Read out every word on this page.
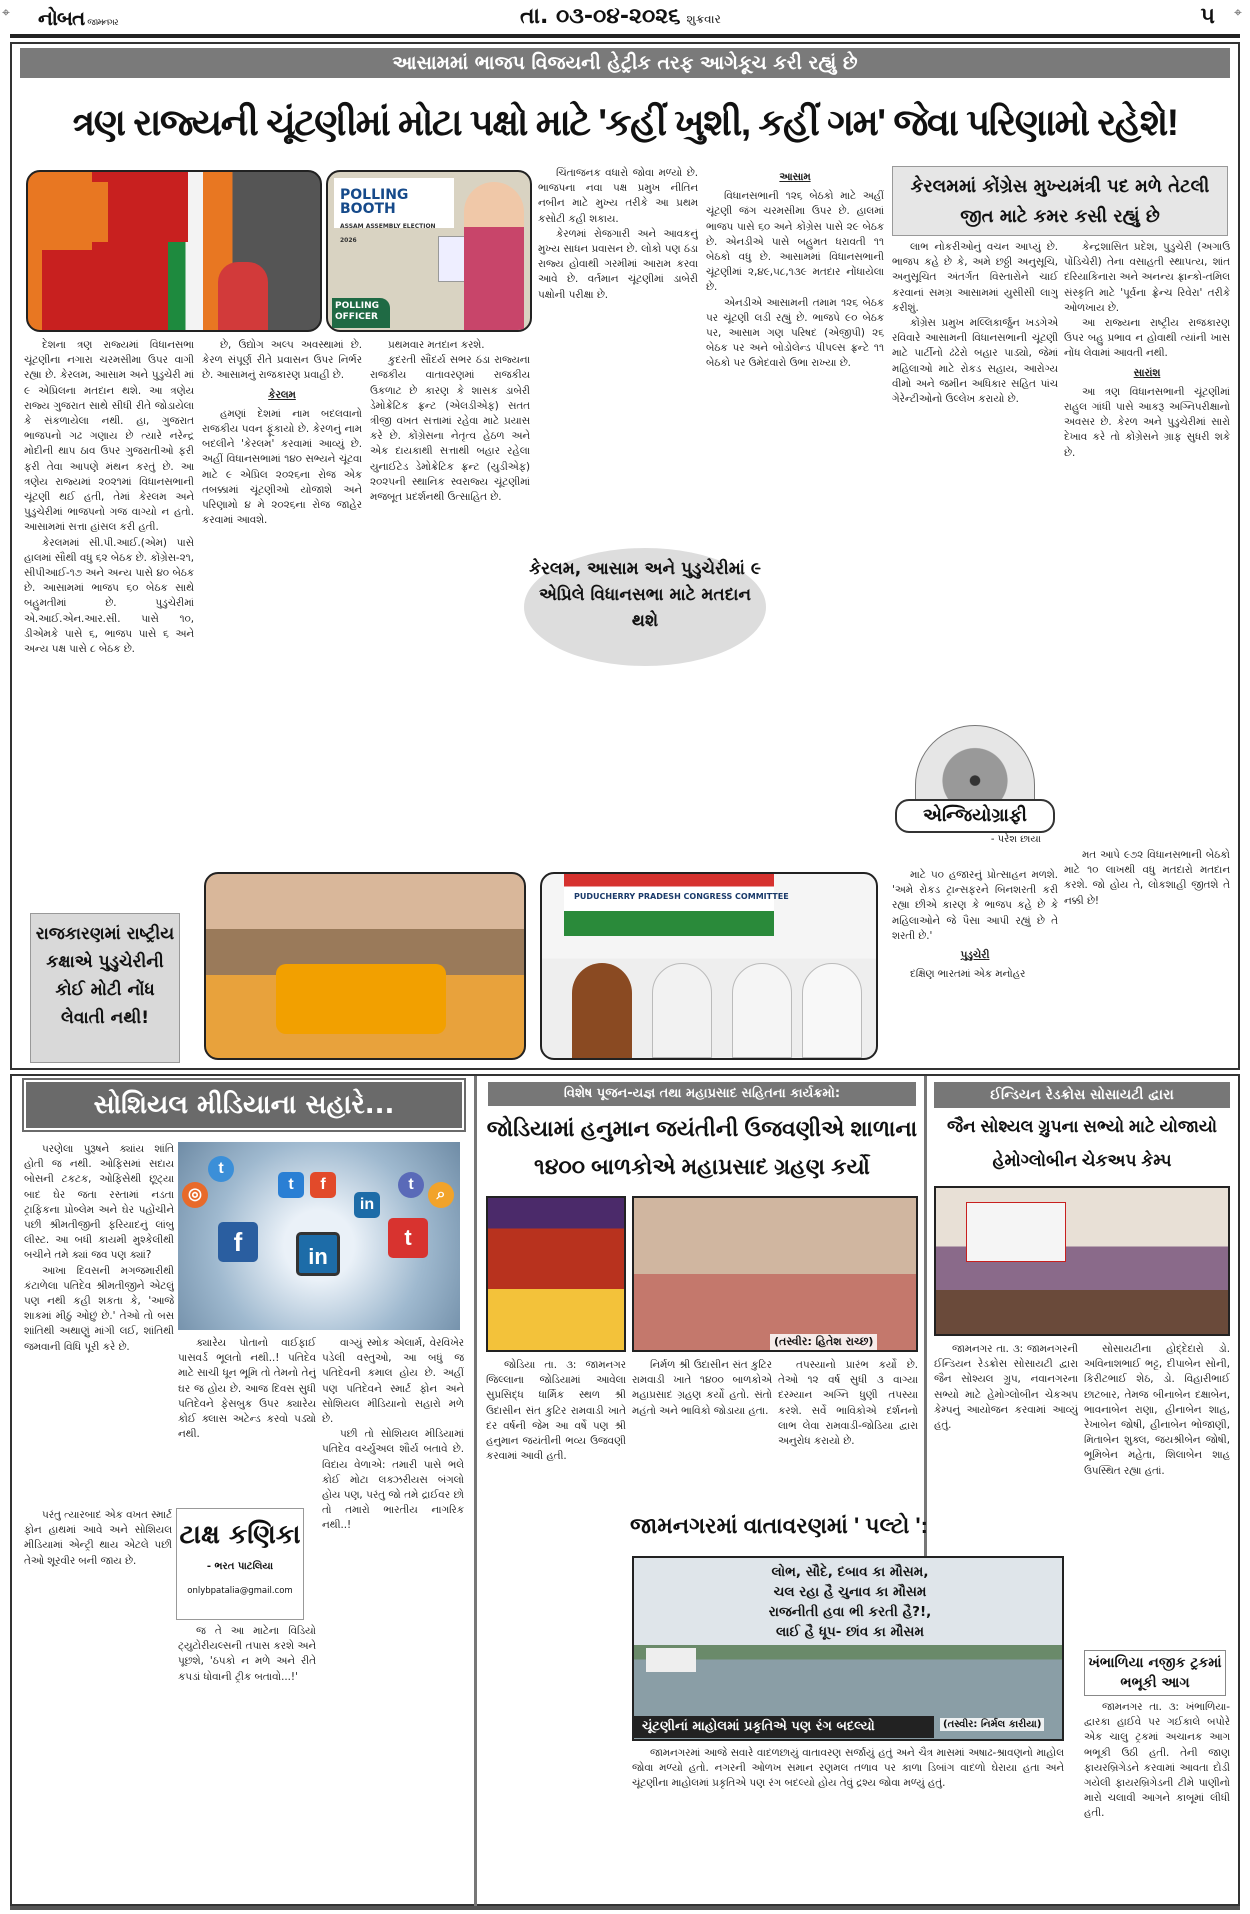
⌖	નોબત જામનગર	તા. ૦૩-૦૪-૨૦૨૬ શુક્રવાર	૫ ⌖
આસામમાં ભાજપ વિજયની હેટ્રીક તરફ આગેકૂચ કરી રહ્યું છે
ત્રણ રાજ્યની ચૂંટણીમાં મોટા પક્ષો માટે 'કહીં ખુશી, કહીં ગમ' જેવા પરિણામો રહેશે!
POLLING BOOTH
ASSAM ASSEMBLY ELECTION 2026
POLLING OFFICER
કેરલમમાં કોંગ્રેસ મુખ્યમંત્રી પદ મળે તેટલી જીત માટે કમર કસી રહ્યું છે

દેશના ત્રણ રાજ્યમાં વિધાનસભા ચૂંટણીના નગારા ચરમસીમા ઉપર વાગી રહ્યા છે. કેરલમ, આસામ અને પુડુચેરી માં ૯ એપ્રિલના મતદાન થશે. આ ત્રણેય રાજ્ય ગુજરાત સાથે સીધી રીતે જોડાયેલા કે સંકળાયેલા નથી. હા, ગુજરાત ભાજપનો ગઢ ગણાય છે ત્યારે નરેન્દ્ર મોદીની થાપ ઠાવ ઉપર ગુજરાતીઓ ફરી ફરી તેવા આપણે મંથન કરતું છે. આ ત્રણેય રાજ્યમાં ૨૦૨૧માં વિધાનસભાની ચૂંટણી થઈ હતી, તેમાં કેરલમ અને પુડુચેરીમાં ભાજપનો ગજ વાગ્યો ન હતો. આસામમાં સત્તા હાંસલ કરી હતી.

કેરલમમાં સી.પી.આઈ.(એમ) પાસે હાલમાં સૌથી વધુ ૬૨ બેઠક છે. કોંગ્રેસ-૨૧, સીપીઆઈ-૧૭ અને અન્ય પાસે ૪૦ બેઠક છે. આસામમાં ભાજપ ૬૦ બેઠક સાથે બહુમતીમાં છે. પુડુચેરીમાં એ.આઈ.એન.આર.સી. પાસે ૧૦, ડીએમકે પાસે ૬, ભાજપ પાસે ૬ અને અન્ય પક્ષ પાસે ૮ બેઠક છે.

છે, ઉદ્યોગ અલ્પ અવસ્થામાં છે. કેરળ સંપૂર્ણ રીતે પ્રવાસન ઉપર નિર્ભર છે. આસામનું રાજકારણ પ્રવાહી છે.

કેરલમ

હમણાં દેશમાં નામ બદલવાનો રાજકીય પવન ફૂંકાયો છે. કેરળનું નામ બદલીને 'કેરલમ' કરવામાં આવ્યું છે. અહીં વિધાનસભામાં ૧૪૦ સભ્યને ચૂંટવા માટે ૯ એપ્રિલ ૨૦૨૬ના રોજ એક તબક્કામાં ચૂંટણીઓ યોજાશે અને પરિણામો ૪ મે ૨૦૨૬ના રોજ જાહેર કરવામાં આવશે.

પ્રથમવાર મતદાન કરશે.

કુદરતી સૌંદર્ય સભર ઠંડા રાજ્યના રાજકીય વાતાવરણમાં રાજકીય ઉકળાટ છે કારણ કે શાસક ડાબેરી ડેમોક્રેટિક ફ્રન્ટ (એલડીએફ) સતત ત્રીજી વખત સત્તામાં રહેવા માટે પ્રયાસ કરે છે. કોંગ્રેસના નેતૃત્વ હેઠળ અને એક દાયકાથી સત્તાથી બહાર રહેલા યુનાઈટેડ ડેમોક્રેટિક ફ્રન્ટ (યુડીએફ) ૨૦૨૫ની સ્થાનિક સ્વરાજ્ય ચૂંટણીમાં મજબૂત પ્રદર્શનથી ઉત્સાહિત છે.

ચિંતાજનક વધારો જોવા મળ્યો છે. ભાજપના નવા પક્ષ પ્રમુખ નીતિન નબીન માટે મુખ્ય તરીકે આ પ્રથમ કસોટી કહી શકાય.

કેરળમાં રોજગારી અને આવકનું મુખ્ય સાધન પ્રવાસન છે. લોકો પણ ઠંડા રાજ્ય હોવાથી ગરમીમાં આરામ કરવા આવે છે. વર્તમાન ચૂંટણીમાં ડાબેરી પક્ષોની પરીક્ષા છે.

આસામ

વિધાનસભાની ૧૨૬ બેઠકો માટે અહીં ચૂંટણી જંગ ચરમસીમા ઉપર છે. હાલમાં ભાજપ પાસે ૬૦ અને કોંગ્રેસ પાસે ૨૯ બેઠક છે. એનડીએ પાસે બહુમત ધરાવતી ૧૧ બેઠકો વધુ છે. આસામમાં વિધાનસભાની ચૂંટણીમાં ૨,૪૯,૫૮,૧૩૯ મતદાર નોંધાયેલા છે.

એનડીએ આસામની તમામ ૧૨૬ બેઠક પર ચૂંટણી લડી રહ્યું છે. ભાજપે ૯૦ બેઠક પર, આસામ ગણ પરિષદ (એજીપી) ૨૬ બેઠક પર અને બોડોલેન્ડ પીપલ્સ ફ્રન્ટે ૧૧ બેઠકો પર ઉમેદવારો ઉભા રાખ્યા છે.

લાભ નોકરીઓનું વચન આપ્યું છે. ભાજપ કહે છે કે, અમે છઠ્ઠી અનુસૂચિ, અનુસૂચિત અંતર્ગત વિસ્તારોને ચાઈ કરવાનાં સમગ્ર આસામમાં યુસીસી લાગુ કરીશું.

કોંગ્રેસ પ્રમુખ મલ્લિકાર્જુન ખડગેએ રવિવારે આસામની વિધાનસભાની ચૂંટણી માટે પાર્ટીનો ઢંઢેરો બહાર પાડ્યો, જેમાં મહિલાઓ માટે રોકડ સહાય, આરોગ્ય વીમો અને જમીન અધિકાર સહિત પાંચ ગેરેન્ટીઓનો ઉલ્લેખ કરાયો છે.

કેન્દ્રશાસિત પ્રદેશ, પુડુચેરી (અગાઉ પોંડિચેરી) તેના વસાહતી સ્થાપત્ય, શાંત દરિયાકિનારા અને અનન્ય ફ્રાન્કો-તમિલ સંસ્કૃતિ માટે 'પૂર્વના ફ્રેન્ચ રિવેરા' તરીકે ઓળખાય છે.

આ રાજ્યના રાષ્ટ્રીય રાજકારણ ઉપર બહુ પ્રભાવ ન હોવાથી ત્યાંની ખાસ નોંધ લેવામાં આવતી નથી.

સારાંશ

આ ત્રણ વિધાનસભાની ચૂંટણીમાં રાહુલ ગાંધી પાસે આકરૂ અગ્નિપરીક્ષાનો અવસર છે. કેરળ અને પુડુચેરીમાં સારો દેખાવ કરે તો કોંગ્રેસને ગ્રાફ સુધરી શકે છે.

માટે ૫૦ હજારનું પ્રોત્સાહન મળશે. 'અમે રોકડ ટ્રાન્સફરને બિનશરતી કરી રહ્યા છીએ કારણ કે ભાજપ કહે છે કે મહિલાઓને જે પૈસા આપી રહ્યું છે તે શરતી છે.'

પુડુચેરી

દક્ષિણ ભારતમાં એક મનોહર

મત આપે ૯૭૨ વિધાનસભાની બેઠકો માટે ૧૦ લાખથી વધુ મતદારો મતદાન કરશે. જો હોય તે, લોકશાહી જીતશે તે નક્કી છે!

કેરલમ, આસામ અને પુડુચેરીમાં ૯ એપ્રિલે વિધાનસભા માટે મતદાન થશે
રાજકારણમાં રાષ્ટ્રીય કક્ષાએ પુડુચેરીની કોઈ મોટી નોંધ લેવાતી નથી!
PUDUCHERRY PRADESH CONGRESS COMMITTEE
એન્જિયોગ્રાફી
- પરેશ છાયા
સોશિયલ મીડિયાના સહારે...
t
t	f	t
in
f	in
t
◎	⌕

પરણેલા પુરૂષને ક્યાંય શાંતિ હોતી જ નથી. ઓફિસમાં સદાય બોસની ટકટક, ઓફિસેથી છૂટ્યા બાદ ઘેર જતા રસ્તામાં નડતા ટ્રાફિકના પ્રોબ્લેમ અને ઘેર પહોંચીને પછી શ્રીમતીજીની ફરિયાદનું લાંબુ લીસ્ટ. આ બધી કાયમી મુશ્કેલીથી બચીને તમે ક્યાં જવ પણ ક્યાં?

આખા દિવસની મગજમારીથી કંટાળેલા પતિદેવ શ્રીમતીજીને એટલું પણ નથી કહી શકતા કે, 'આજે શાકમાં મીઠું ઓછું છે.' તેઓ તો બસ શાંતિથી અથાણું માંગી લઈ, શાંતિથી જમવાની વિધિ પૂરી કરે છે.

પરંતુ ત્યારબાદ એક વખત સ્માર્ટ ફોન હાથમાં આવે અને સોશિયલ મીડિયામાં એન્ટ્રી થાય એટલે પછી તેઓ શૂરવીર બની જાય છે.

ક્યારેય પોતાનો વાઈફાઈ પાસવર્ડ ભૂલતો નથી..! પતિદેવ માટે સાચી ધૂન ભૂમિ તો તેમનો તેનું ઘર જ હોય છે. આજ દિવસ સુધી પતિદેવને ફેસબુક ઉપર ક્યારેય કોઈ ક્લાસ અટેન્ડ કરવો પડ્યો નથી.

જ તે આ માટેના વિડિયો ટ્યુટોરીયલ્સની તપાસ કરશે અને પૂછશે, 'ઠપકો ન મળે અને રીતે કપડાં ધોવાની ટ્રીક બતાવો...!'

વાગ્યું સ્મોક એલાર્મ, વેરવિખેર પડેલી વસ્તુઓ, આ બધું જ પતિદેવની કમાલ હોય છે. અહીં પણ પતિદેવને સ્માર્ટ ફોન અને સોશિયલ મીડિયાનો સહારો મળે છે.

પછી તો સોશિયલ મીડિયામાં પતિદેવ વર્ચ્યુઅલ શૌર્ય બતાવે છે. વિદાય વેળાએ: તમારી પાસે ભલે કોઈ મોટા લક્ઝરીયસ બંગલો હોય પણ, પરંતુ જો તમે દ્રાઈવર છો તો તમારો ભારતીય નાગરિક નથી..!

ટાક્ષ કણિકા
- ભરત પાટલિયા
onlybpatalia@gmail.com
વિશેષ પૂજન-યજ્ઞ તથા મહાપ્રસાદ સહિતના કાર્યક્રમો:
જોડિયામાં હનુમાન જયંતીની ઉજવણીએ શાળાના ૧૪૦૦ બાળકોએ મહાપ્રસાદ ગ્રહણ કર્યો
(તસ્વીર: હિતેશ રાચ્છ)

જોડિયા તા. ૩: જામનગર જિલ્લાના જોડિયામાં આવેલા સુપ્રસિદ્ધ ધાર્મિક સ્થળ શ્રી ઉદાસીન સંત કુટિર રામવાડી ખાતે દર વર્ષની જેમ આ વર્ષે પણ શ્રી હનુમાન જયંતીની ભવ્ય ઉજવણી કરવામાં આવી હતી.

નિર્મળ શ્રી ઉદાસીન સંત કુટિર રામવાડી ખાતે ૧૪૦૦ બાળકોએ મહાપ્રસાદ ગ્રહણ કર્યો હતો. સંતો મહંતો અને ભાવિકો જોડાયા હતા.

તપસ્યાનો પ્રારંભ કર્યો છે. તેઓ ૧૨ વર્ષ સુધી ૩ વાગ્યા દરમ્યાન અગ્નિ ધુણી તપસ્યા કરશે. સર્વે ભાવિકોએ દર્શનનો લાભ લેવા રામવાડી-જોડિયા દ્વારા અનુરોધ કરાયો છે.

જામનગરમાં વાતાવરણમાં ' પલ્ટો ':
લોભ, સૌદે, દબાવ કા મૌસમ,
ચલ રહા હૈ ચુનાવ કા મૌસમ
રાજનીતી હવા ભી કરતી હૈ?!,
લાઈ હૈ ધૂપ- છાંવ કા મૌસમ
ચૂંટણીનાં માહોલમાં પ્રકૃતિએ પણ રંગ બદલ્યો	(તસ્વીર: નિર્મલ કારીયા)

જામનગરમાં આજે સવારે વાદળછાયું વાતાવરણ સર્જાયું હતું અને ચૈત્ર માસમાં અષાઢ-શ્રાવણનો માહોલ જોવા મળ્યો હતો. નગરની ઓળખ સમાન રણમલ તળાવ પર કાળા ડિબાંગ વાદળો ઘેરાયા હતા અને ચૂંટણીના માહોલમાં પ્રકૃતિએ પણ રંગ બદલ્યો હોય તેવું દ્રશ્ય જોવા મળ્યું હતું.

ઈન્ડિયન રેડક્રોસ સોસાયટી દ્વારા
જૈન સોશ્યલ ગ્રુપના સભ્યો માટે યોજાયો હેમોગ્લોબીન ચેકઅપ કેમ્પ

જામનગર તા. ૩: જામનગરની ઈન્ડિયન રેડક્રોસ સોસાયટી દ્વારા જૈન સોશ્યલ ગ્રુપ, નવાનગરના સભ્યો માટે હેમોગ્લોબીન ચેકઅપ કેમ્પનું આયોજન કરવામાં આવ્યું હતું.

સોસાયટીના હોદ્દેદારો ડો. અવિનાશભાઈ ભટ્ટ, દીપાબેન સોની, કિરીટભાઈ શેઠ, ડો. વિહારીભાઈ છાટબાર, તેમજ બીનાબેન દક્ષાબેન, ભાવનાબેન રાણા, હીનાબેન શાહ, રેખાબેન જોષી, હીનાબેન ભોજાણી, મિતાબેન શુક્લ, જયશ્રીબેન જોષી, ભૂમિબેન મહેતા, શિલાબેન શાહ ઉપસ્થિત રહ્યા હતાં.

ખંભાળિયા નજીક ટ્રકમાં ભભૂકી આગ

જામનગર તા. ૩: ખંભાળિયા-દ્વારકા હાઈવે પર ગઈકાલે બપોરે એક ચાલુ ટ્રકમાં અચાનક આગ ભભૂકી ઉઠી હતી. તેની જાણ ફાયરબ્રિગેડને કરવામાં આવતા દોડી ગયેલી ફાયરબ્રિગેડની ટીમે પાણીનો મારો ચલાવી આગને કાબૂમાં લીધી હતી.
